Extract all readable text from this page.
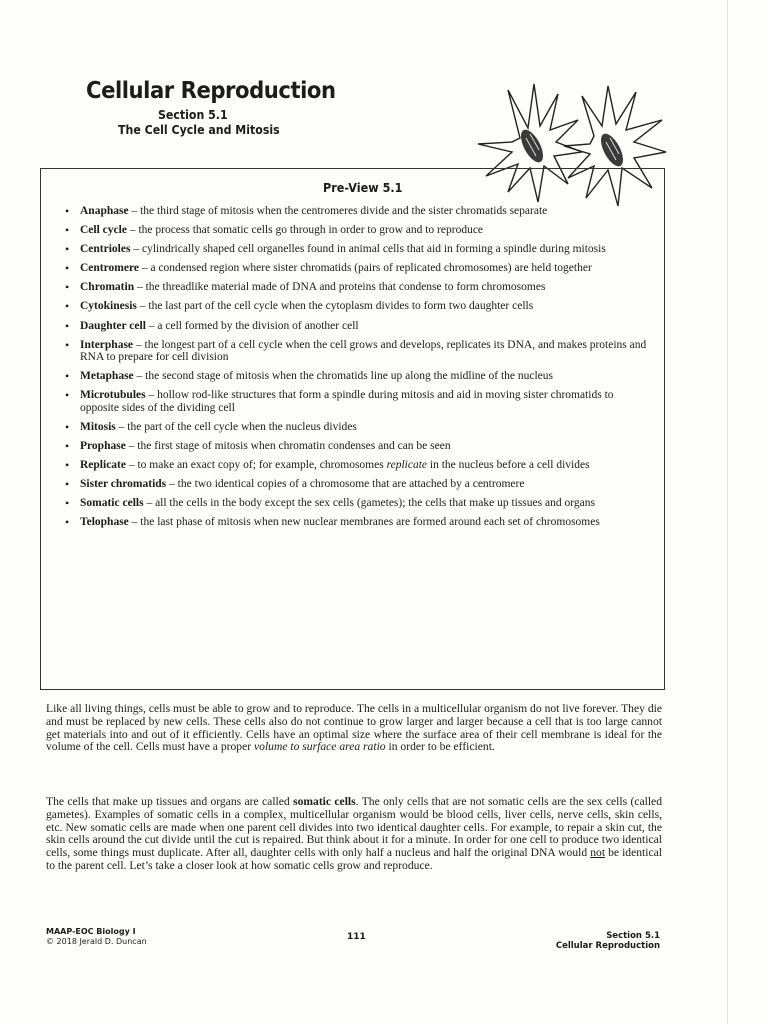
Cellular Reproduction
Section 5.1
The Cell Cycle and Mitosis
Pre-View 5.1
• Anaphase – the third stage of mitosis when the centromeres divide and the sister chromatids separate
• Cell cycle – the process that somatic cells go through in order to grow and to reproduce
• Centrioles – cylindrically shaped cell organelles found in animal cells that aid in forming a spindle during mitosis
• Centromere – a condensed region where sister chromatids (pairs of replicated chromosomes) are held together
• Chromatin – the threadlike material made of DNA and proteins that condense to form chromosomes
• Cytokinesis – the last part of the cell cycle when the cytoplasm divides to form two daughter cells
• Daughter cell – a cell formed by the division of another cell
• Interphase – the longest part of a cell cycle when the cell grows and develops, replicates its DNA, and makes proteins and RNA to prepare for cell division
• Metaphase – the second stage of mitosis when the chromatids line up along the midline of the nucleus
• Microtubules – hollow rod-like structures that form a spindle during mitosis and aid in moving sister chromatids to opposite sides of the dividing cell
• Mitosis – the part of the cell cycle when the nucleus divides
• Prophase – the first stage of mitosis when chromatin condenses and can be seen
• Replicate – to make an exact copy of; for example, chromosomes replicate in the nucleus before a cell divides
• Sister chromatids – the two identical copies of a chromosome that are attached by a centromere
• Somatic cells – all the cells in the body except the sex cells (gametes); the cells that make up tissues and organs
• Telophase – the last phase of mitosis when new nuclear membranes are formed around each set of chromosomes

Like all living things, cells must be able to grow and to reproduce. The cells in a multicellular organism do not live forever. They die and must be replaced by new cells. These cells also do not continue to grow larger and larger because a cell that is too large cannot get materials into and out of it efficiently. Cells have an optimal size where the surface area of their cell membrane is ideal for the volume of the cell. Cells must have a proper volume to surface area ratio in order to be efficient.

The cells that make up tissues and organs are called somatic cells. The only cells that are not somatic cells are the sex cells (called gametes). Examples of somatic cells in a complex, multicellular organism would be blood cells, liver cells, nerve cells, skin cells, etc. New somatic cells are made when one parent cell divides into two identical daughter cells. For example, to repair a skin cut, the skin cells around the cut divide until the cut is repaired. But think about it for a minute. In order for one cell to produce two identical cells, some things must duplicate. After all, daughter cells with only half a nucleus and half the original DNA would not be identical to the parent cell. Let’s take a closer look at how somatic cells grow and reproduce.

MAAP-EOC Biology I
© 2018 Jerald D. Duncan	111	Section 5.1
Cellular Reproduction
